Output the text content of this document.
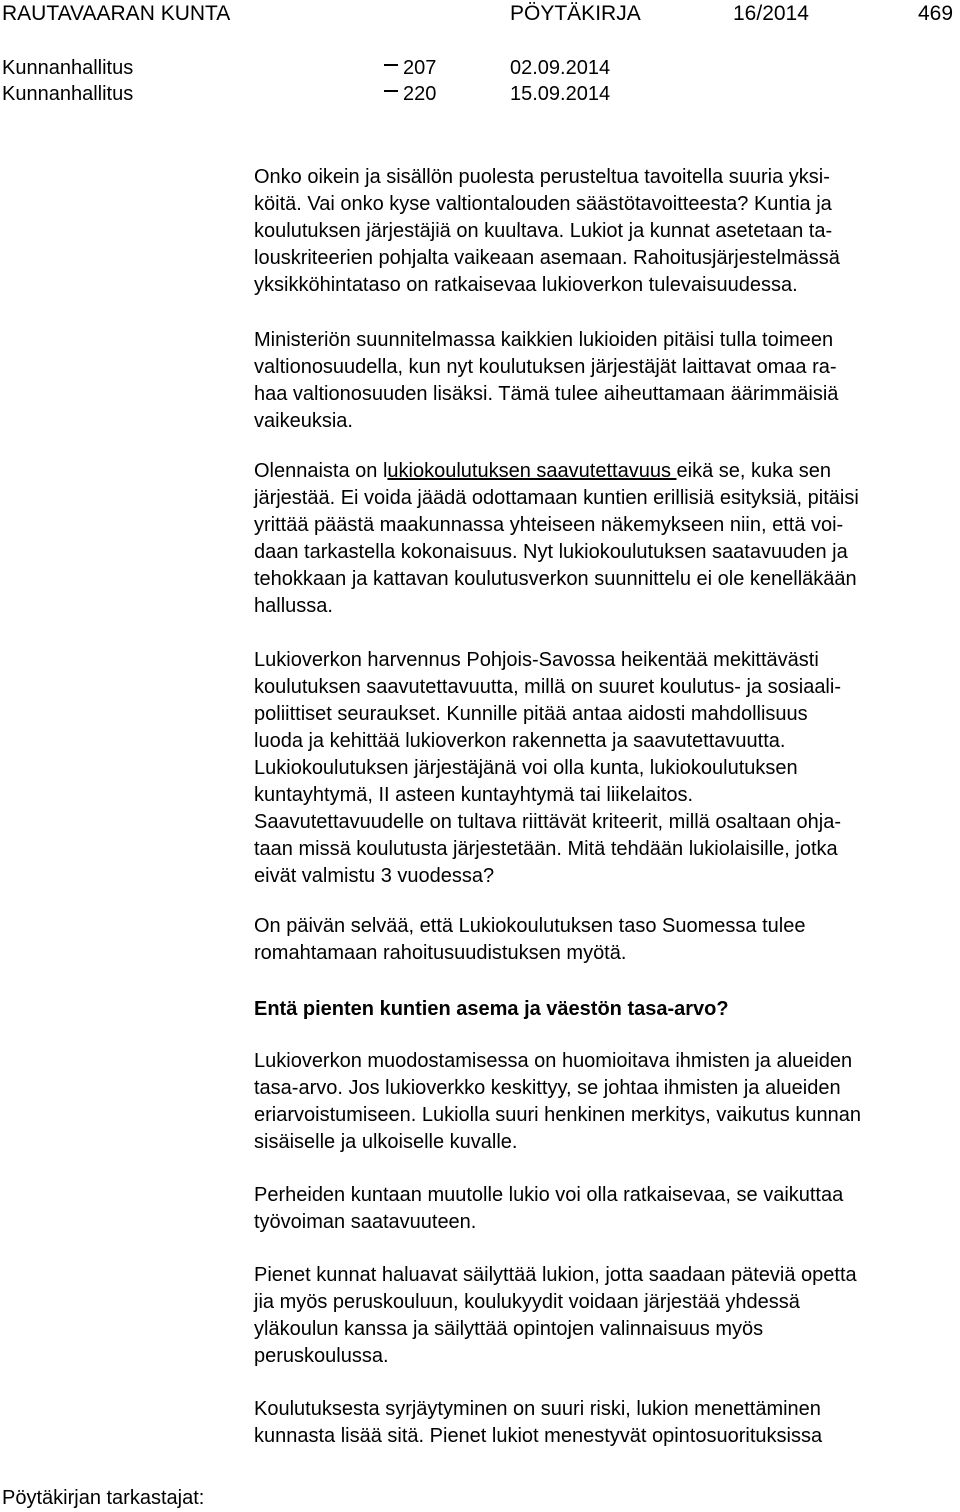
RAUTAVAARAN KUNTA	PÖYTÄKIRJA	16/2014	469
Kunnanhallitus	207	02.09.2014
Kunnanhallitus	220	15.09.2014

Onko oikein ja sisällön puolesta perusteltua tavoitella suuria yksi-
köitä. Vai onko kyse valtiontalouden säästötavoitteesta? Kuntia ja
koulutuksen järjestäjiä on kuultava. Lukiot ja kunnat asetetaan ta-
louskriteerien pohjalta vaikeaan asemaan. Rahoitusjärjestelmässä
yksikköhintataso on ratkaisevaa lukioverkon tulevaisuudessa.

Ministeriön suunnitelmassa kaikkien lukioiden pitäisi tulla toimeen
valtionosuudella, kun nyt koulutuksen järjestäjät laittavat omaa ra-
haa valtionosuuden lisäksi. Tämä tulee aiheuttamaan äärimmäisiä
vaikeuksia.

Olennaista on lukiokoulutuksen saavutettavuus eikä se, kuka sen
järjestää. Ei voida jäädä odottamaan kuntien erillisiä esityksiä, pitäisi
yrittää päästä maakunnassa yhteiseen näkemykseen niin, että voi-
daan tarkastella kokonaisuus. Nyt lukiokoulutuksen saatavuuden ja
tehokkaan ja kattavan koulutusverkon suunnittelu ei ole kenelläkään
hallussa.

Lukioverkon harvennus Pohjois-Savossa heikentää mekittävästi
koulutuksen saavutettavuutta, millä on suuret koulutus- ja sosiaali-
poliittiset seuraukset. Kunnille pitää antaa aidosti mahdollisuus
luoda ja kehittää lukioverkon rakennetta ja saavutettavuutta.
Lukiokoulutuksen järjestäjänä voi olla kunta, lukiokoulutuksen
kuntayhtymä, II asteen kuntayhtymä tai liikelaitos.
Saavutettavuudelle on tultava riittävät kriteerit, millä osaltaan ohja-
taan missä koulutusta järjestetään. Mitä tehdään lukiolaisille, jotka
eivät valmistu 3 vuodessa?

On päivän selvää, että Lukiokoulutuksen taso Suomessa tulee
romahtamaan rahoitusuudistuksen myötä.

Entä pienten kuntien asema ja väestön tasa-arvo?

Lukioverkon muodostamisessa on huomioitava ihmisten ja alueiden
tasa-arvo. Jos lukioverkko keskittyy, se johtaa ihmisten ja alueiden
eriarvoistumiseen. Lukiolla suuri henkinen merkitys, vaikutus kunnan
sisäiselle ja ulkoiselle kuvalle.

Perheiden kuntaan muutolle lukio voi olla ratkaisevaa, se vaikuttaa
työvoiman saatavuuteen.

Pienet kunnat haluavat säilyttää lukion, jotta saadaan päteviä opetta
jia myös peruskouluun, koulukyydit voidaan järjestää yhdessä
yläkoulun kanssa ja säilyttää opintojen valinnaisuus myös
peruskoulussa.

Koulutuksesta syrjäytyminen on suuri riski, lukion menettäminen
kunnasta lisää sitä. Pienet lukiot menestyvät opintosuorituksissa

Pöytäkirjan tarkastajat:
